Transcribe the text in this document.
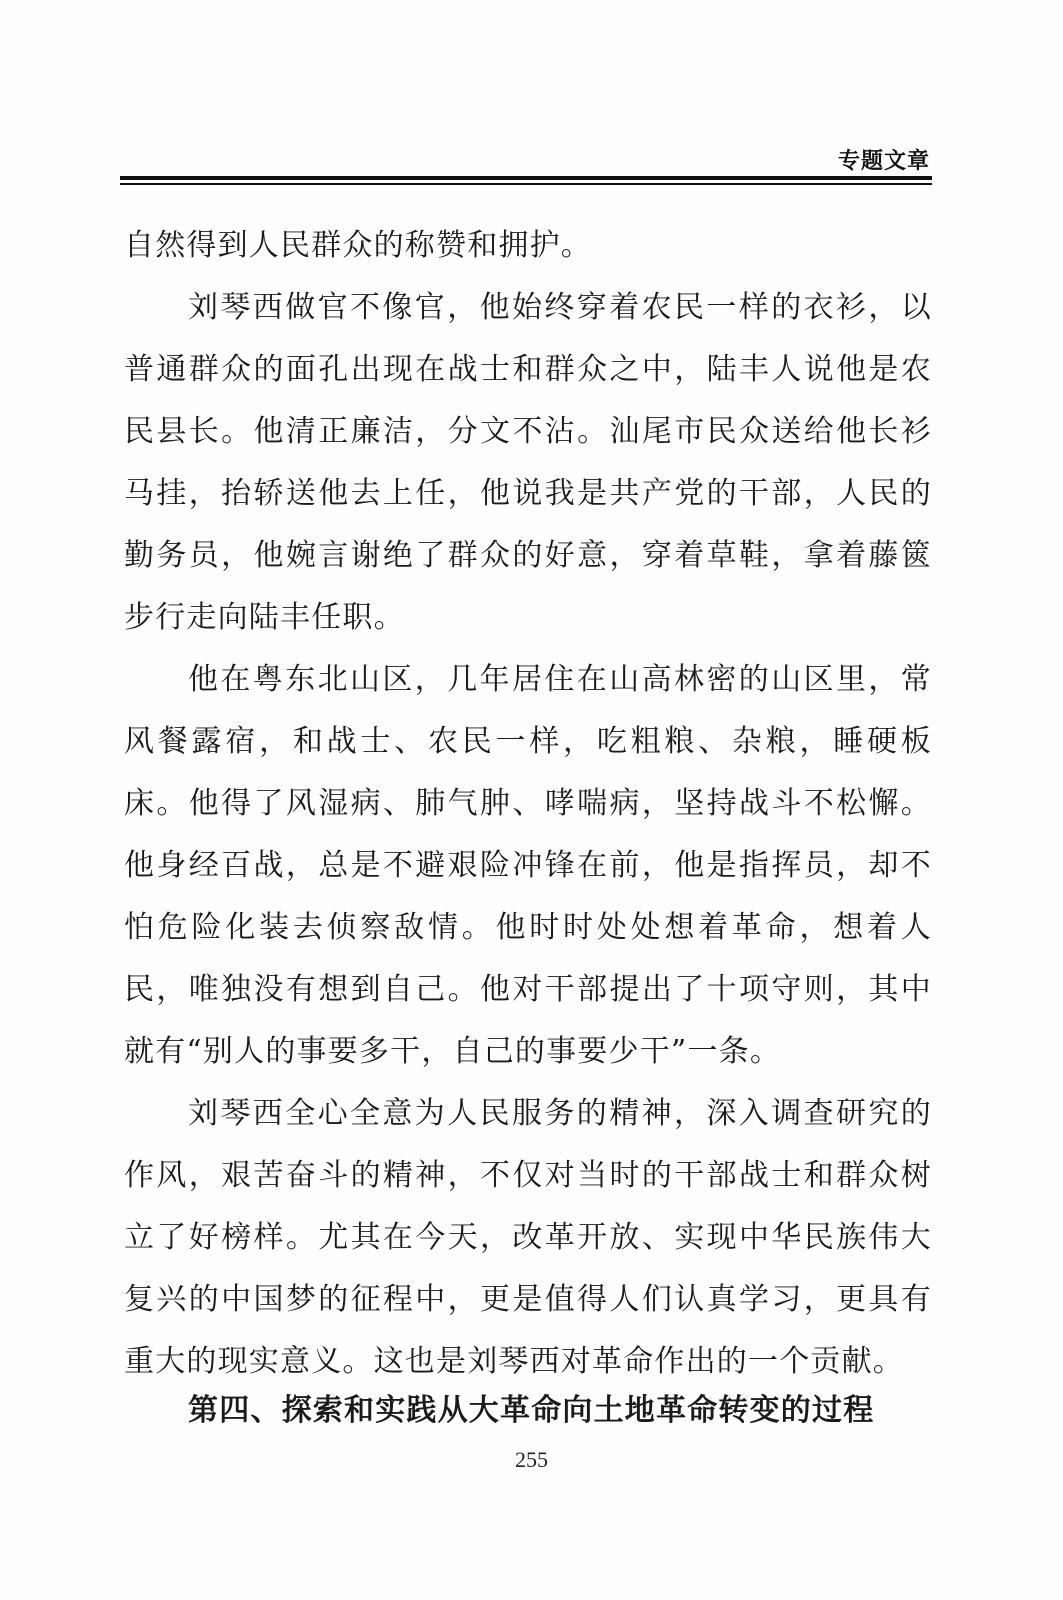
专题文章

自然得到人民群众的称赞和拥护。

刘琴西做官不像官，他始终穿着农民一样的衣衫，以普通群众的面孔出现在战士和群众之中，陆丰人说他是农民县长。他清正廉洁，分文不沾。汕尾市民众送给他长衫马挂，抬轿送他去上任，他说我是共产党的干部，人民的勤务员，他婉言谢绝了群众的好意，穿着草鞋，拿着藤篋步行走向陆丰任职。

他在粤东北山区，几年居住在山高林密的山区里，常风餐露宿，和战士、农民一样，吃粗粮、杂粮，睡硬板床。他得了风湿病、肺气肿、哮喘病，坚持战斗不松懈。他身经百战，总是不避艰险冲锋在前，他是指挥员，却不怕危险化装去侦察敌情。他时时处处想着革命，想着人民，唯独没有想到自己。他对干部提出了十项守则，其中就有“别人的事要多干，自己的事要少干”一条。

刘琴西全心全意为人民服务的精神，深入调查研究的作风，艰苦奋斗的精神，不仅对当时的干部战士和群众树立了好榜样。尤其在今天，改革开放、实现中华民族伟大复兴的中国梦的征程中，更是值得人们认真学习，更具有重大的现实意义。这也是刘琴西对革命作出的一个贡献。

第四、探索和实践从大革命向土地革命转变的过程
255
